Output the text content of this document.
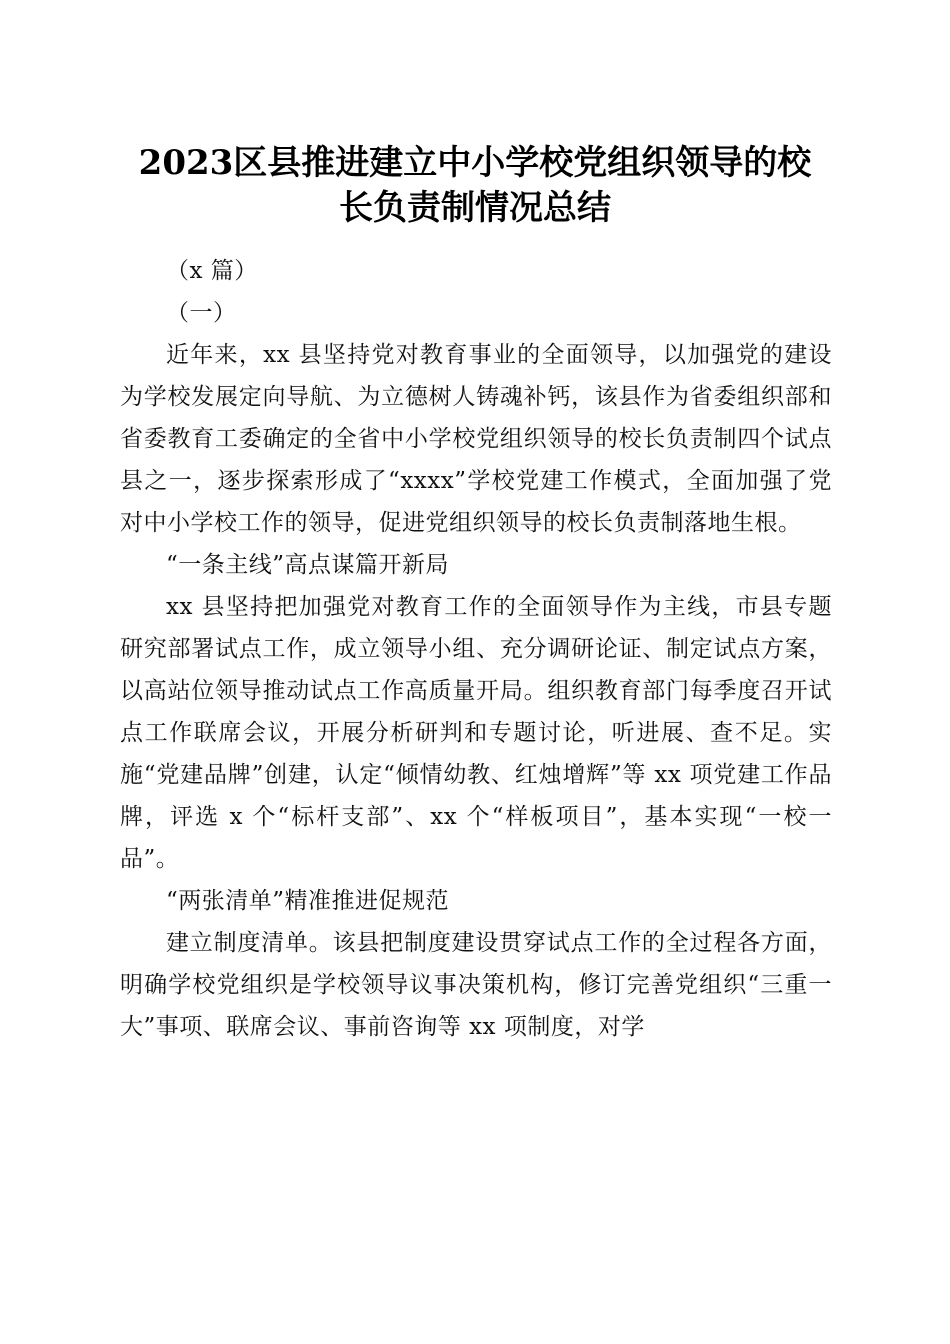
2023区县推进建立中小学校党组织领导的校
长负责制情况总结

（x 篇）

（一）

近年来，xx 县坚持党对教育事业的全面领导，以加强党的建设为学校发展定向导航、为立德树人铸魂补钙，该县作为省委组织部和省委教育工委确定的全省中小学校党组织领导的校长负责制四个试点县之一，逐步探索形成了“xxxx”学校党建工作模式，全面加强了党对中小学校工作的领导，促进党组织领导的校长负责制落地生根。

“一条主线”高点谋篇开新局

xx 县坚持把加强党对教育工作的全面领导作为主线，市县专题研究部署试点工作，成立领导小组、充分调研论证、制定试点方案，以高站位领导推动试点工作高质量开局。组织教育部门每季度召开试点工作联席会议，开展分析研判和专题讨论，听进展、查不足。实施“党建品牌”创建，认定“倾情幼教、红烛增辉”等 xx 项党建工作品牌，评选 x 个“标杆支部”、xx 个“样板项目”，基本实现“一校一品”。

“两张清单”精准推进促规范

建立制度清单。该县把制度建设贯穿试点工作的全过程各方面，明确学校党组织是学校领导议事决策机构，修订完善党组织“三重一大”事项、联席会议、事前咨询等 xx 项制度，对学
